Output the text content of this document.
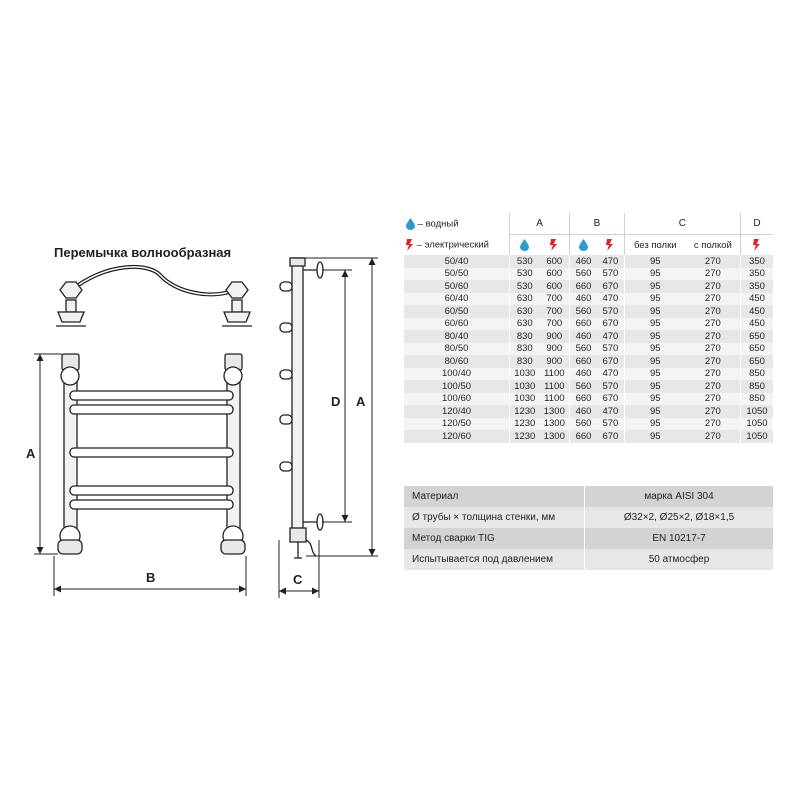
Перемычка волнообразная
A
B
D A
C
– водный	A		B		C		D
– электрический					без полки	с полкой	
50/40	530	600	460	470	95	270	350
50/50	530	600	560	570	95	270	350
50/60	530	600	660	670	95	270	350
60/40	630	700	460	470	95	270	450
60/50	630	700	560	570	95	270	450
60/60	630	700	660	670	95	270	450
80/40	830	900	460	470	95	270	650
80/50	830	900	560	570	95	270	650
80/60	830	900	660	670	95	270	650
100/40	1030	1100	460	470	95	270	850
100/50	1030	1100	560	570	95	270	850
100/60	1030	1100	660	670	95	270	850
120/40	1230	1300	460	470	95	270	1050
120/50	1230	1300	560	570	95	270	1050
120/60	1230	1300	660	670	95	270	1050
Материал	марка AISI 304
Ø трубы × толщина стенки, мм	Ø32×2, Ø25×2, Ø18×1,5
Метод сварки TIG	EN 10217-7
Испытывается под давлением	50 атмосфер
